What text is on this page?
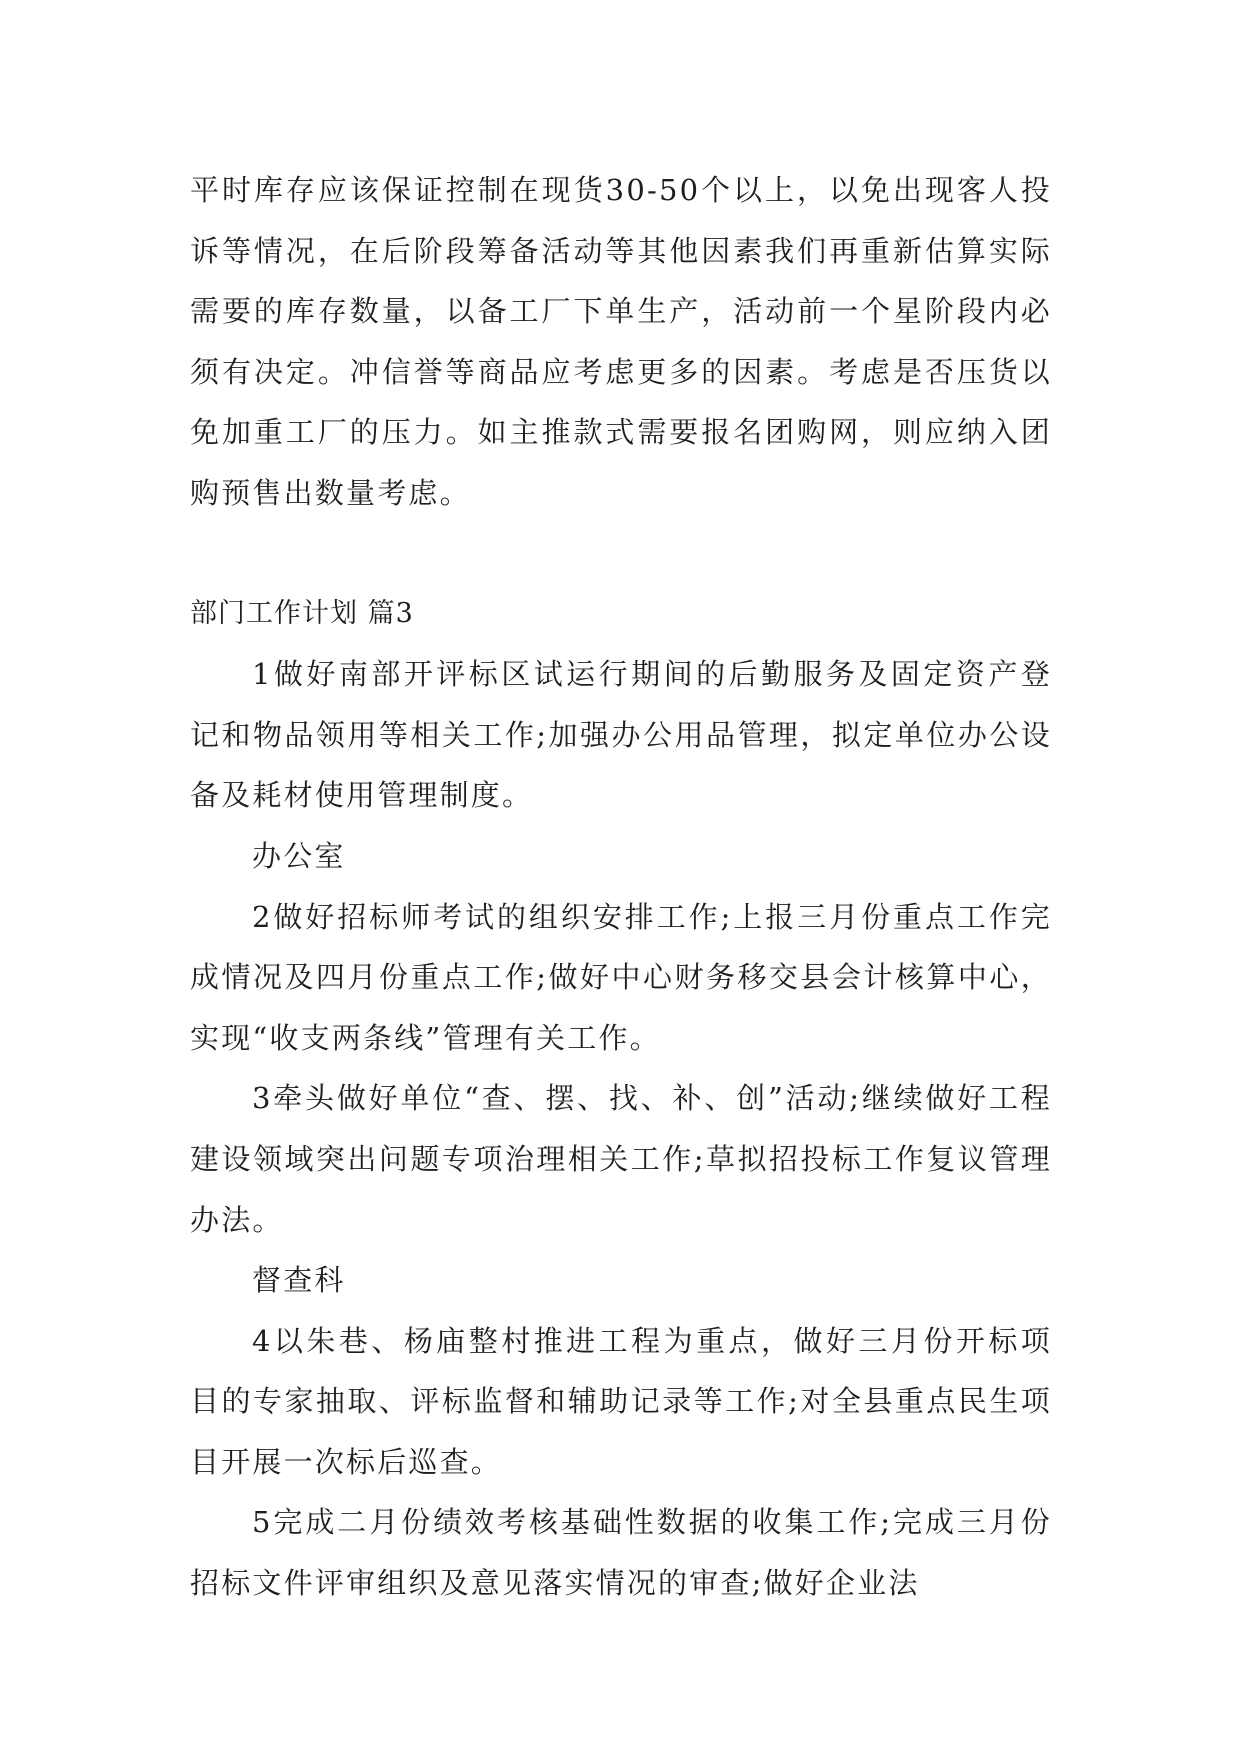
平时库存应该保证控制在现货30-50个以上，以免出现客人投诉等情况，在后阶段筹备活动等其他因素我们再重新估算实际需要的库存数量，以备工厂下单生产，活动前一个星阶段内必须有决定。冲信誉等商品应考虑更多的因素。考虑是否压货以免加重工厂的压力。如主推款式需要报名团购网，则应纳入团购预售出数量考虑。

部门工作计划 篇3

1做好南部开评标区试运行期间的后勤服务及固定资产登记和物品领用等相关工作;加强办公用品管理，拟定单位办公设备及耗材使用管理制度。

办公室

2做好招标师考试的组织安排工作;上报三月份重点工作完成情况及四月份重点工作;做好中心财务移交县会计核算中心，实现“收支两条线”管理有关工作。

3牵头做好单位“查、摆、找、补、创”活动;继续做好工程建设领域突出问题专项治理相关工作;草拟招投标工作复议管理办法。

督查科

4以朱巷、杨庙整村推进工程为重点，做好三月份开标项目的专家抽取、评标监督和辅助记录等工作;对全县重点民生项目开展一次标后巡查。

5完成二月份绩效考核基础性数据的收集工作;完成三月份招标文件评审组织及意见落实情况的审查;做好企业法
